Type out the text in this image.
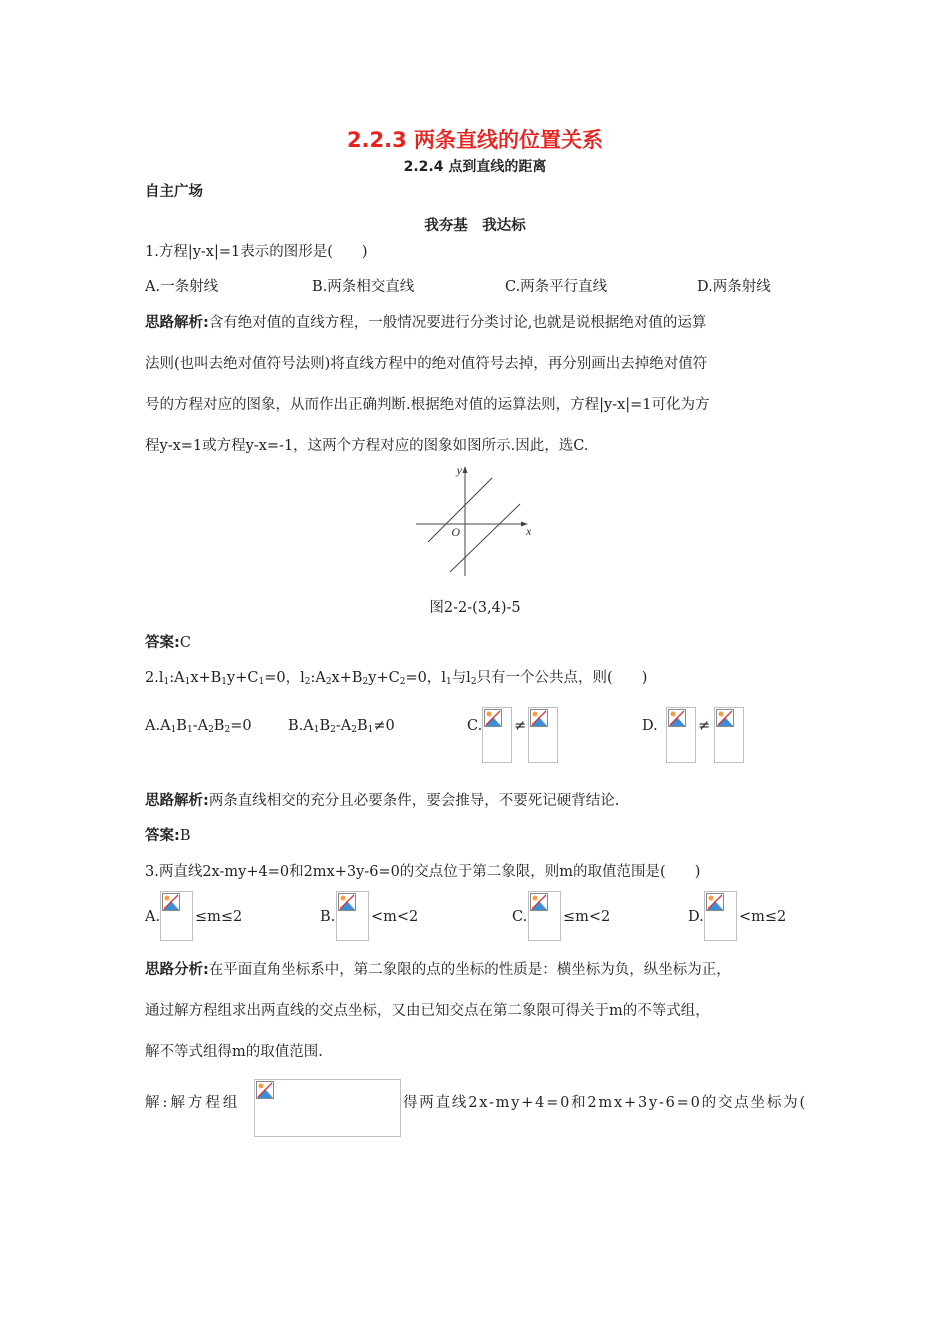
2.2.3 两条直线的位置关系
2.2.4 点到直线的距离
自主广场
我夯基　我达标
1.方程|y-x|=1表示的图形是(　　)
A.一条射线	B.两条相交直线	C.两条平行直线	D.两条射线
思路解析:含有绝对值的直线方程，一般情况要进行分类讨论,也就是说根据绝对值的运算
法则(也叫去绝对值符号法则)将直线方程中的绝对值符号去掉，再分别画出去掉绝对值符
号的方程对应的图象，从而作出正确判断.根据绝对值的运算法则，方程|y-x|=1可化为方
程y-x=1或方程y-x=-1，这两个方程对应的图象如图所示.因此，选C.
y
x
O
图2-2-(3,4)-5
答案:C
$2.l_1:A_1x+B_1y+C_1=0$，$l_2:A_2x+B_2y+C_2=0$，$l_1$与$l_2$只有一个公共点，则(　　)
$A.A_1B_1-A_2B_2=0$	$B.A_1B_2-A_2B_1\ne 0$	C. ≠	D.	≠
思路解析:两条直线相交的充分且必要条件，要会推导，不要死记硬背结论.
答案:B
3.两直线2x-my+4=0和2mx+3y-6=0的交点位于第二象限，则m的取值范围是(　　)
A. ≤m≤2	B. <m<2	C. ≤m<2	D. <m≤2
思路分析:在平面直角坐标系中，第二象限的点的坐标的性质是：横坐标为负，纵坐标为正，
通过解方程组求出两直线的交点坐标，又由已知交点在第二象限可得关于m的不等式组，
解不等式组得m的取值范围.
解:解方程组	得两直线2x-my+4=0和2mx+3y-6=0的交点坐标为(
